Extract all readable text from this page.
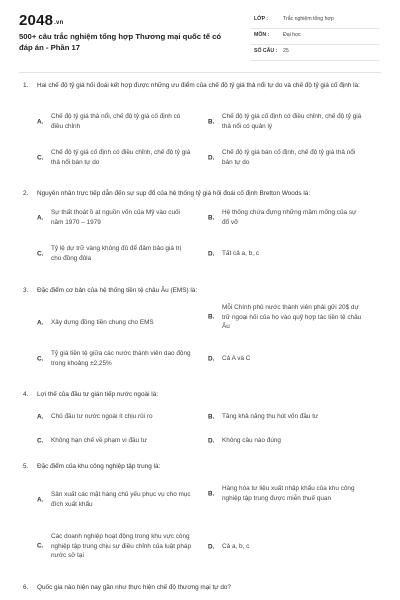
2048.vn
500+ câu trắc nghiệm tổng hợp Thương mại quốc tế có
đáp án - Phần 17
LỚP :	Trắc nghiệm tổng hợp
MÔN :	Đại học
SỐ CÂU : 25
1.	Hai chế độ tỷ giá hối đoái kết hợp được những ưu điểm của chế độ tỷ giá thả nổi tự do và chế độ tỷ giá cố định là:
A.
Chế độ tỷ giá thả nổi, chế độ tỷ giá cố định có điều chỉnh
B.
Chế độ tỷ giá cố định có điều chỉnh, chế độ tỷ giá thả nổi có quản lý
C.
Chế độ tỷ giá cố định có điều chỉnh, chế độ tỷ giá thả nổi bán tự do
D.
Chế độ tỷ giá bán cố định, chế độ tỷ giá thả nổi bán tự do
2.	Nguyên nhân trực tiếp dẫn đến sự sụp đổ của hệ thống tỷ giá hối đoái cố định Bretton Woods là:
A.
Sự thất thoát ồ ạt nguồn vốn của Mỹ vào cuối năm 1970 – 1979
B.
Hệ thống chứa đựng những mầm mống của sự đổ vỡ
C.
Tỷ lệ dự trữ vàng không đủ để đảm bảo giá trị cho đồng đôla
D.	Tất cả a, b, c
3.	Đặc điểm cơ bản của hệ thống tiền tệ châu Âu (EMS) là:
A.	Xây dựng đồng tiền chung cho EMS
B.
Mỗi Chính phủ nước thành viên phải gửi 20$ dự trữ ngoại hối của họ vào quỹ hợp tác tiền tệ châu Âu
C.
Tỷ giá tiền tệ giữa các nước thành viên dao động trong khoảng ±2,25%
D.	Cả A và C
4.	Lợi thế của đầu tư gián tiếp nước ngoài là:
A.	Chủ đầu tư nước ngoài ít chịu rủi ro	B.	Tăng khả năng thu hút vốn đầu tư
C.	Không hạn chế về phạm vi đầu tư	D.	Không câu nào đúng
5.	Đặc điểm của khu công nghiệp tập trung là:
A.
Sản xuất các mặt hàng chủ yếu phục vụ cho mục đích xuất khẩu
B.
Hàng hóa tư liệu xuất nhập khẩu của khu công nghiệp tập trung được miễn thuế quan
C.
Các doanh nghiệp hoạt động trong khu vực công nghiệp tập trung chịu sự điều chỉnh của luật pháp nước sở tại
D.	Cả a, b, c
6.	Quốc gia nào hiện nay gần như thực hiện chế độ thương mại tự do?
